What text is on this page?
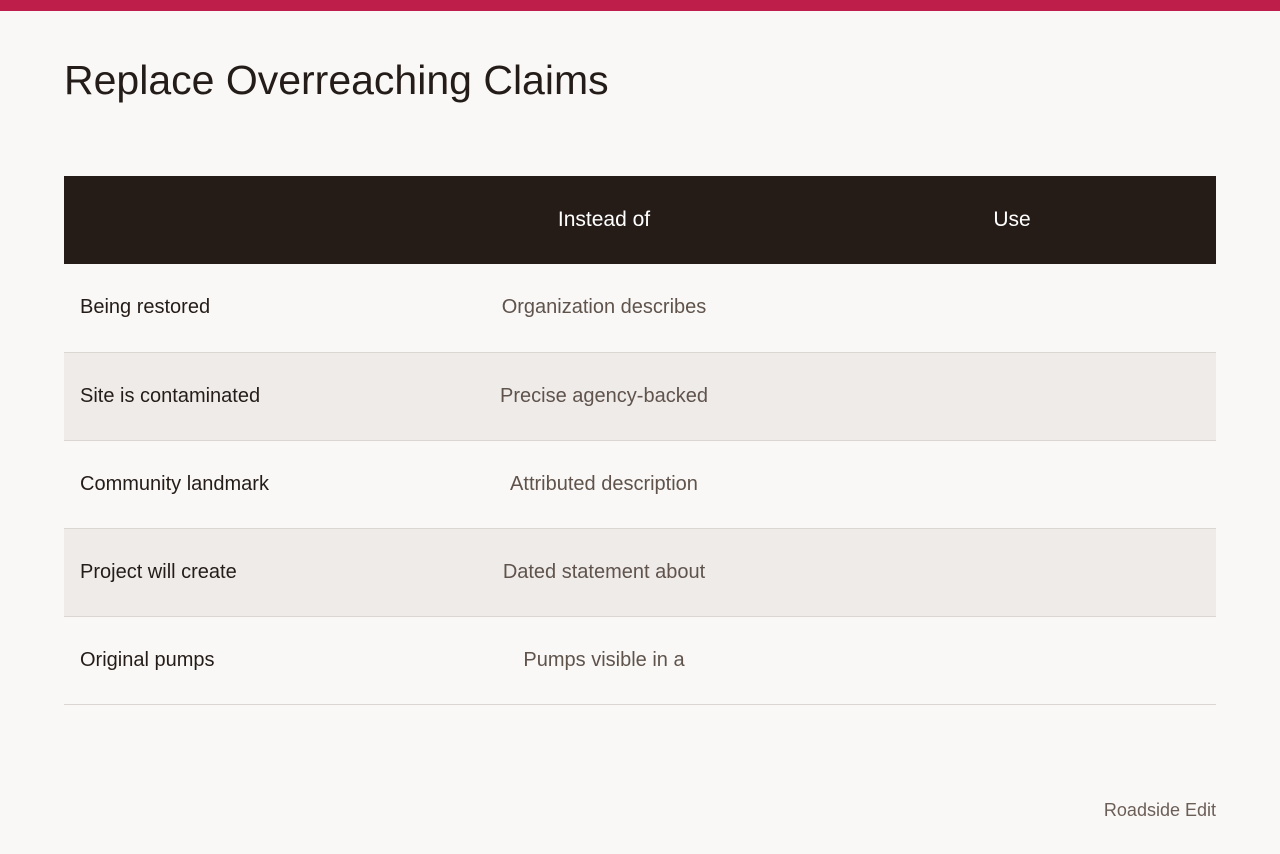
Replace Overreaching Claims
	Instead of	Use
Being restored	Organization describes	
Site is contaminated	Precise agency-backed	
Community landmark	Attributed description	
Project will create	Dated statement about	
Original pumps	Pumps visible in a	
Roadside Edit
